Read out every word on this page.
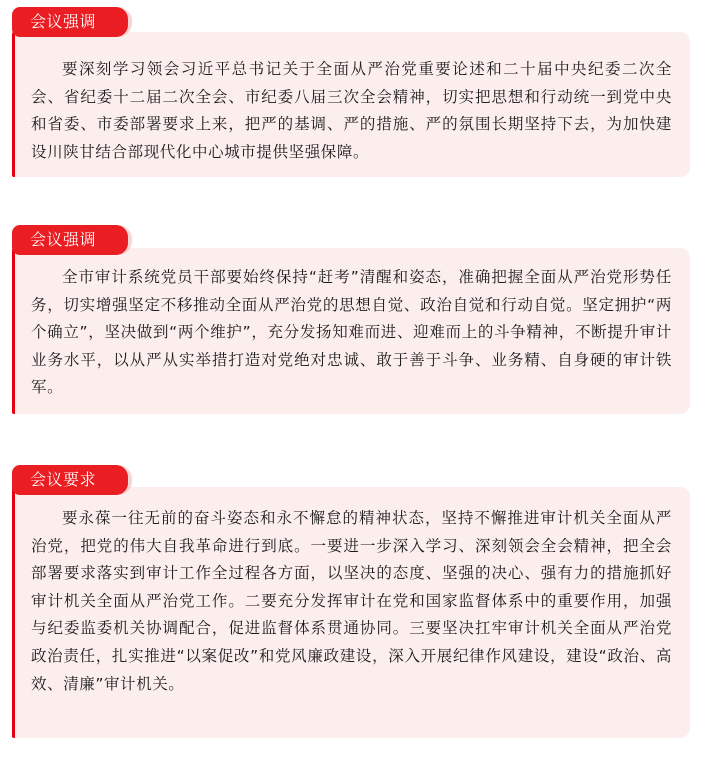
要深刻学习领会习近平总书记关于全面从严治党重要论述和二十届中央纪委二次全会、省纪委十二届二次全会、市纪委八届三次全会精神，切实把思想和行动统一到党中央和省委、市委部署要求上来，把严的基调、严的措施、严的氛围长期坚持下去，为加快建设川陕甘结合部现代化中心城市提供坚强保障。

会议强调

全市审计系统党员干部要始终保持“赶考”清醒和姿态，准确把握全面从严治党形势任务，切实增强坚定不移推动全面从严治党的思想自觉、政治自觉和行动自觉。坚定拥护“两个确立”，坚决做到“两个维护”，充分发扬知难而进、迎难而上的斗争精神，不断提升审计业务水平，以从严从实举措打造对党绝对忠诚、敢于善于斗争、业务精、自身硬的审计铁军。

会议强调

要永葆一往无前的奋斗姿态和永不懈怠的精神状态，坚持不懈推进审计机关全面从严治党，把党的伟大自我革命进行到底。一要进一步深入学习、深刻领会全会精神，把全会部署要求落实到审计工作全过程各方面，以坚决的态度、坚强的决心、强有力的措施抓好审计机关全面从严治党工作。二要充分发挥审计在党和国家监督体系中的重要作用，加强与纪委监委机关协调配合，促进监督体系贯通协同。三要坚决扛牢审计机关全面从严治党政治责任，扎实推进“以案促改”和党风廉政建设，深入开展纪律作风建设，建设“政治、高效、清廉”审计机关。

会议要求
